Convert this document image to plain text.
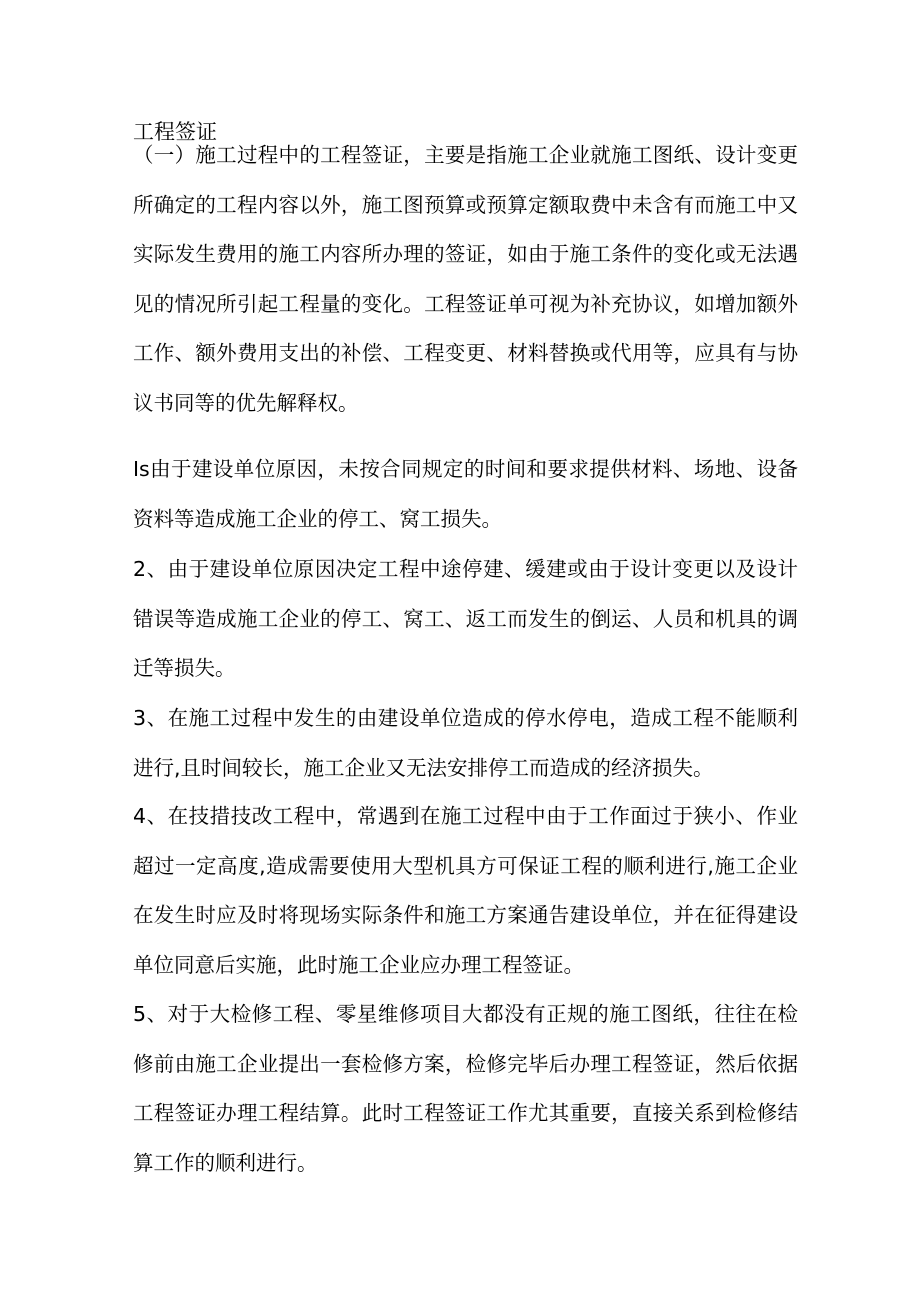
工程签证

（一）施工过程中的工程签证，主要是指施工企业就施工图纸、设计变更所确定的工程内容以外，施工图预算或预算定额取费中未含有而施工中又实际发生费用的施工内容所办理的签证，如由于施工条件的变化或无法遇见的情况所引起工程量的变化。工程签证单可视为补充协议，如增加额外工作、额外费用支出的补偿、工程变更、材料替换或代用等，应具有与协议书同等的优先解释权。

Is由于建设单位原因，未按合同规定的时间和要求提供材料、场地、设备资料等造成施工企业的停工、窝工损失。

2、由于建设单位原因决定工程中途停建、缓建或由于设计变更以及设计错误等造成施工企业的停工、窝工、返工而发生的倒运、人员和机具的调迁等损失。

3、在施工过程中发生的由建设单位造成的停水停电，造成工程不能顺利进行,且时间较长，施工企业又无法安排停工而造成的经济损失。

4、在技措技改工程中，常遇到在施工过程中由于工作面过于狭小、作业超过一定高度,造成需要使用大型机具方可保证工程的顺利进行,施工企业在发生时应及时将现场实际条件和施工方案通告建设单位，并在征得建设单位同意后实施，此时施工企业应办理工程签证。

5、对于大检修工程、零星维修项目大都没有正规的施工图纸，往往在检修前由施工企业提出一套检修方案，检修完毕后办理工程签证，然后依据工程签证办理工程结算。此时工程签证工作尤其重要，直接关系到检修结算工作的顺利进行。
